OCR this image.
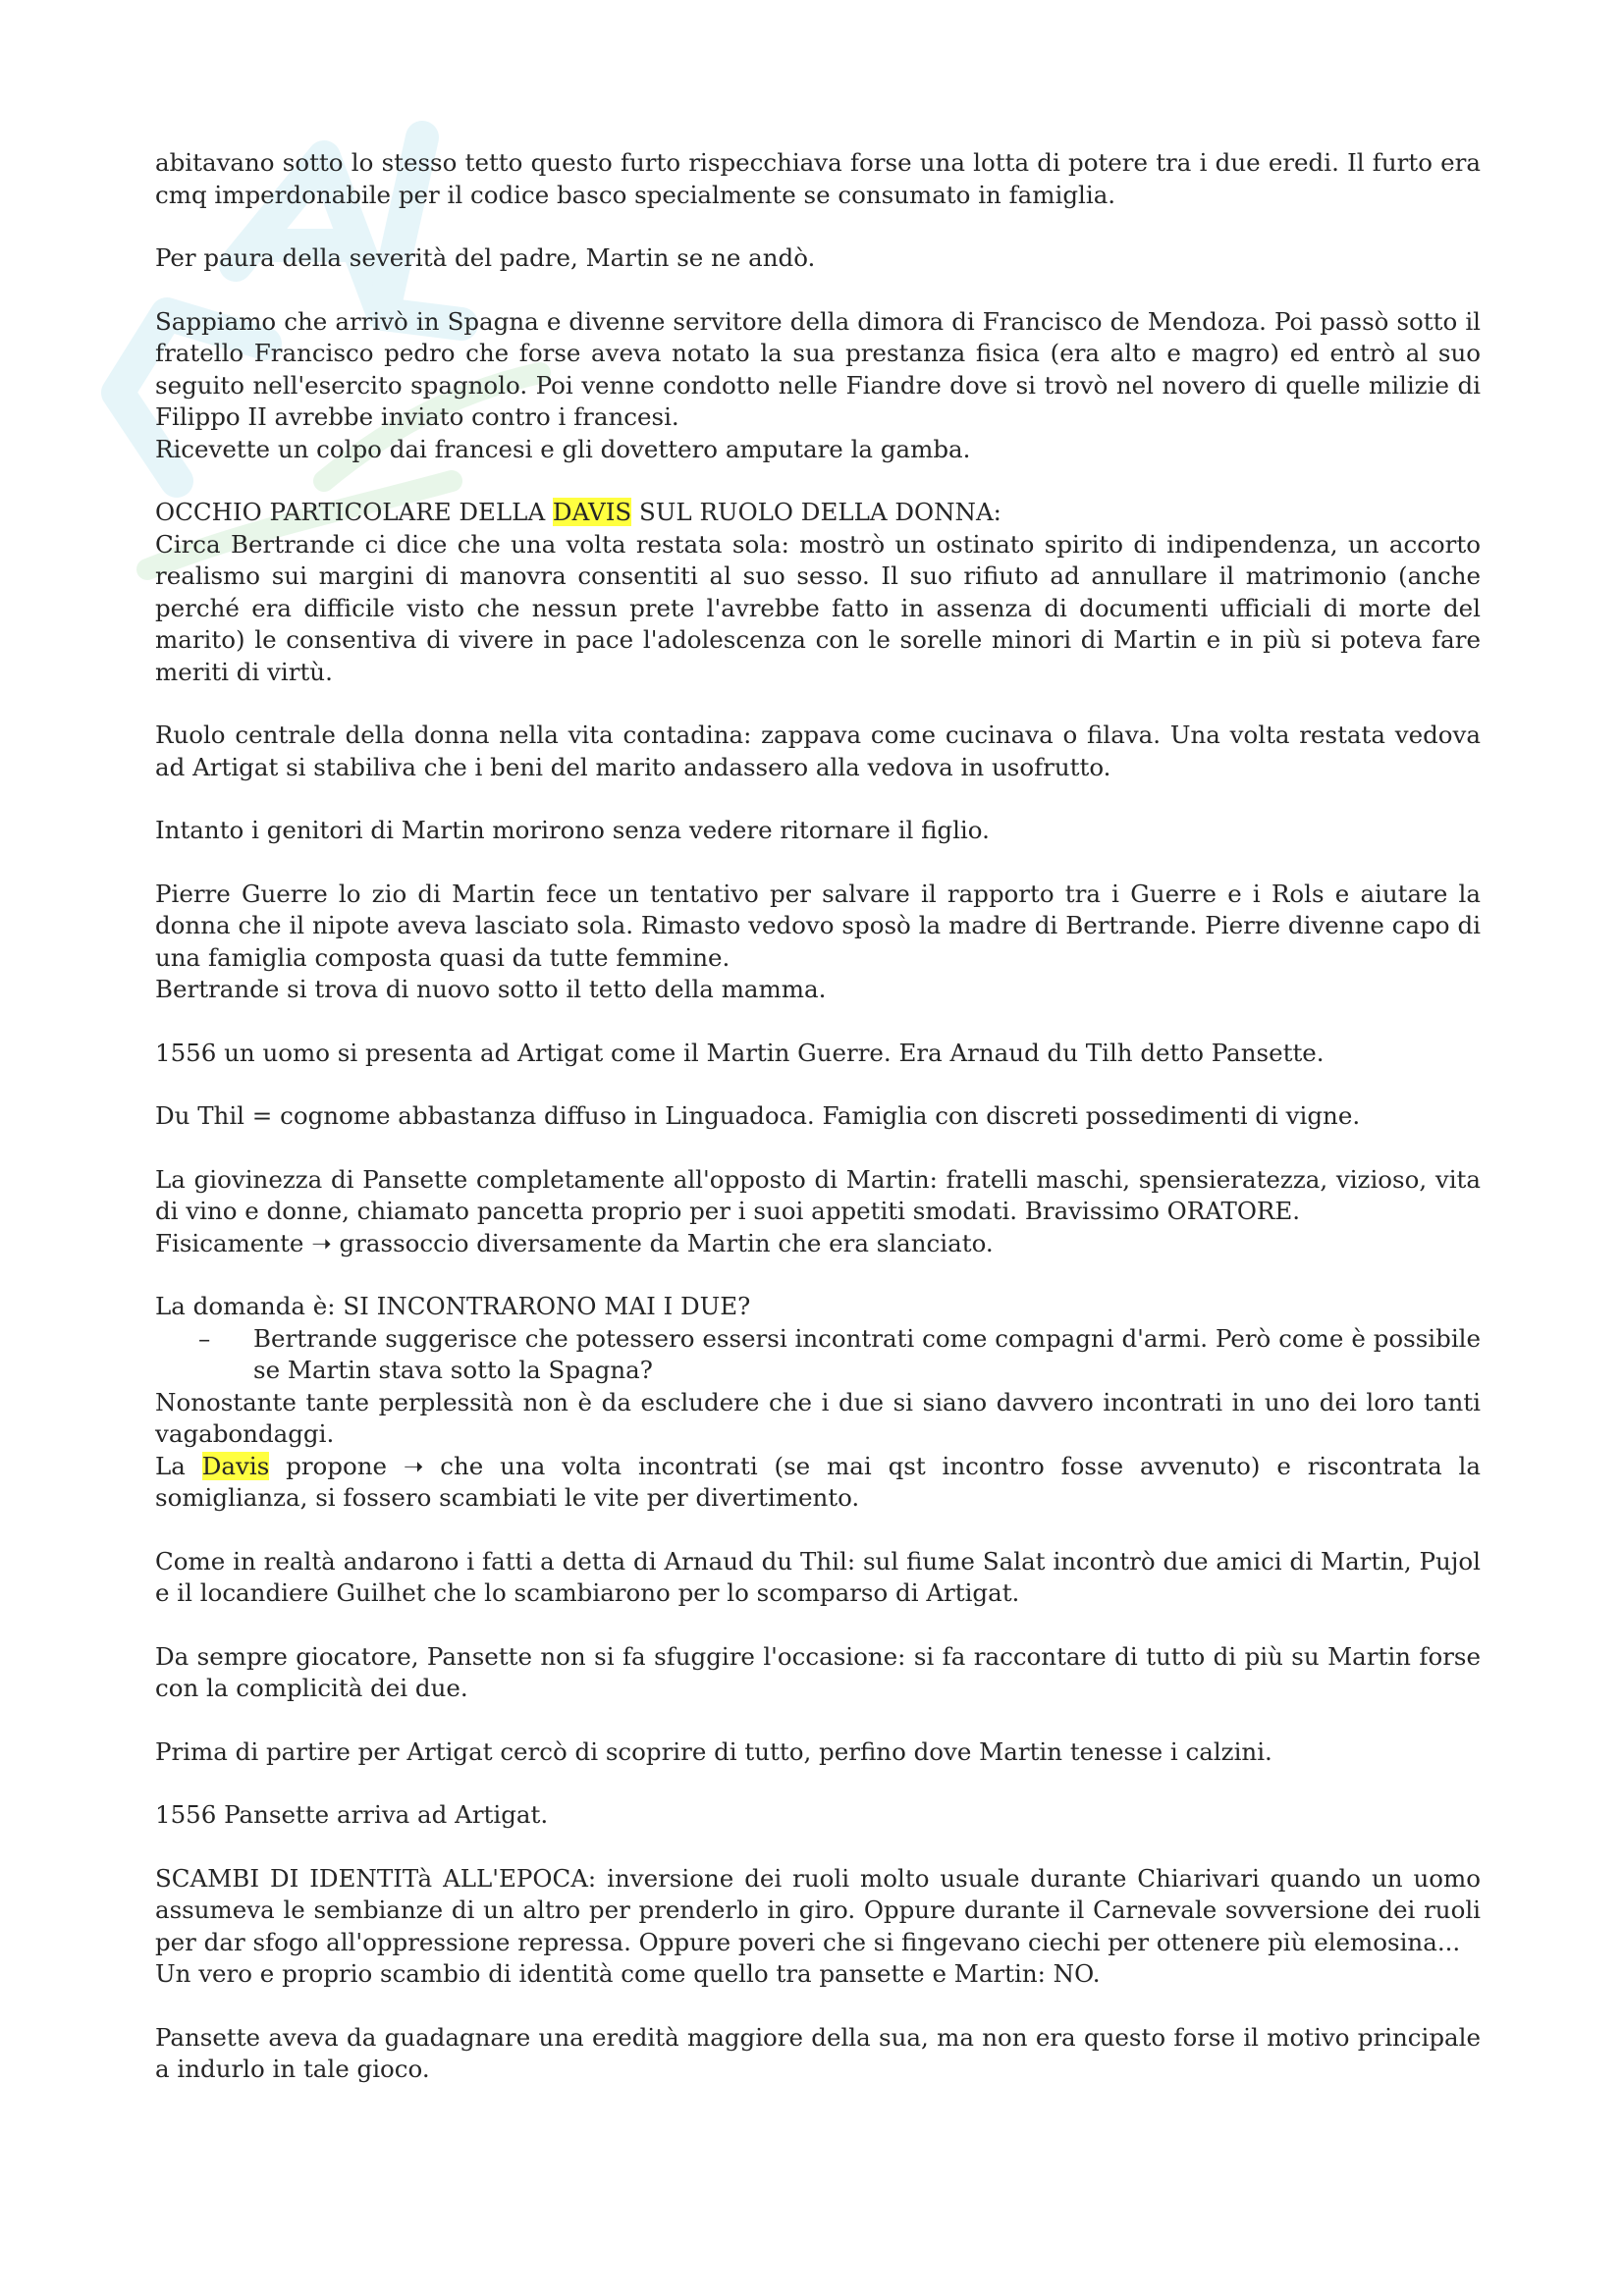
abitavano sotto lo stesso tetto questo furto rispecchiava forse una lotta di potere tra i due eredi. Il furto era cmq imperdonabile per il codice basco specialmente se consumato in famiglia.

Per paura della severità del padre, Martin se ne andò.

Sappiamo che arrivò in Spagna e divenne servitore della dimora di Francisco de Mendoza. Poi passò sotto il fratello Francisco pedro che forse aveva notato la sua prestanza fisica (era alto e magro) ed entrò al suo seguito nell'esercito spagnolo. Poi venne condotto nelle Fiandre dove si trovò nel novero di quelle milizie di Filippo II avrebbe inviato contro i francesi.
Ricevette un colpo dai francesi e gli dovettero amputare la gamba.

OCCHIO PARTICOLARE DELLA DAVIS SUL RUOLO DELLA DONNA:
Circa Bertrande ci dice che una volta restata sola: mostrò un ostinato spirito di indipendenza, un accorto realismo sui margini di manovra consentiti al suo sesso. Il suo rifiuto ad annullare il matrimonio (anche perché era difficile visto che nessun prete l'avrebbe fatto in assenza di documenti ufficiali di morte del marito) le consentiva di vivere in pace l'adolescenza con le sorelle minori di Martin e in più si poteva fare meriti di virtù.

Ruolo centrale della donna nella vita contadina: zappava come cucinava o filava. Una volta restata vedova ad Artigat si stabiliva che i beni del marito andassero alla vedova in usofrutto.

Intanto i genitori di Martin morirono senza vedere ritornare il figlio.

Pierre Guerre lo zio di Martin fece un tentativo per salvare il rapporto tra i Guerre e i Rols e aiutare la donna che il nipote aveva lasciato sola. Rimasto vedovo sposò la madre di Bertrande. Pierre divenne capo di una famiglia composta quasi da tutte femmine.
Bertrande si trova di nuovo sotto il tetto della mamma.

1556 un uomo si presenta ad Artigat come il Martin Guerre. Era Arnaud du Tilh detto Pansette.

Du Thil = cognome abbastanza diffuso in Linguadoca. Famiglia con discreti possedimenti di vigne.

La giovinezza di Pansette completamente all'opposto di Martin: fratelli maschi, spensieratezza, vizioso, vita di vino e donne, chiamato pancetta proprio per i suoi appetiti smodati. Bravissimo ORATORE.
Fisicamente ➝ grassoccio diversamente da Martin che era slanciato.

La domanda è: SI INCONTRARONO MAI I DUE?
– Bertrande suggerisce che potessero essersi incontrati come compagni d'armi. Però come è possibile se Martin stava sotto la Spagna?
Nonostante tante perplessità non è da escludere che i due si siano davvero incontrati in uno dei loro tanti vagabondaggi.
La Davis propone ➝ che una volta incontrati (se mai qst incontro fosse avvenuto) e riscontrata la somiglianza, si fossero scambiati le vite per divertimento.

Come in realtà andarono i fatti a detta di Arnaud du Thil: sul fiume Salat incontrò due amici di Martin, Pujol e il locandiere Guilhet che lo scambiarono per lo scomparso di Artigat.

Da sempre giocatore, Pansette non si fa sfuggire l'occasione: si fa raccontare di tutto di più su Martin forse con la complicità dei due.

Prima di partire per Artigat cercò di scoprire di tutto, perfino dove Martin tenesse i calzini.

1556 Pansette arriva ad Artigat.

SCAMBI DI IDENTITà ALL'EPOCA: inversione dei ruoli molto usuale durante Chiarivari quando un uomo assumeva le sembianze di un altro per prenderlo in giro. Oppure durante il Carnevale sovversione dei ruoli per dar sfogo all'oppressione repressa. Oppure poveri che si fingevano ciechi per ottenere più elemosina...
Un vero e proprio scambio di identità come quello tra pansette e Martin: NO.

Pansette aveva da guadagnare una eredità maggiore della sua, ma non era questo forse il motivo principale a indurlo in tale gioco.
